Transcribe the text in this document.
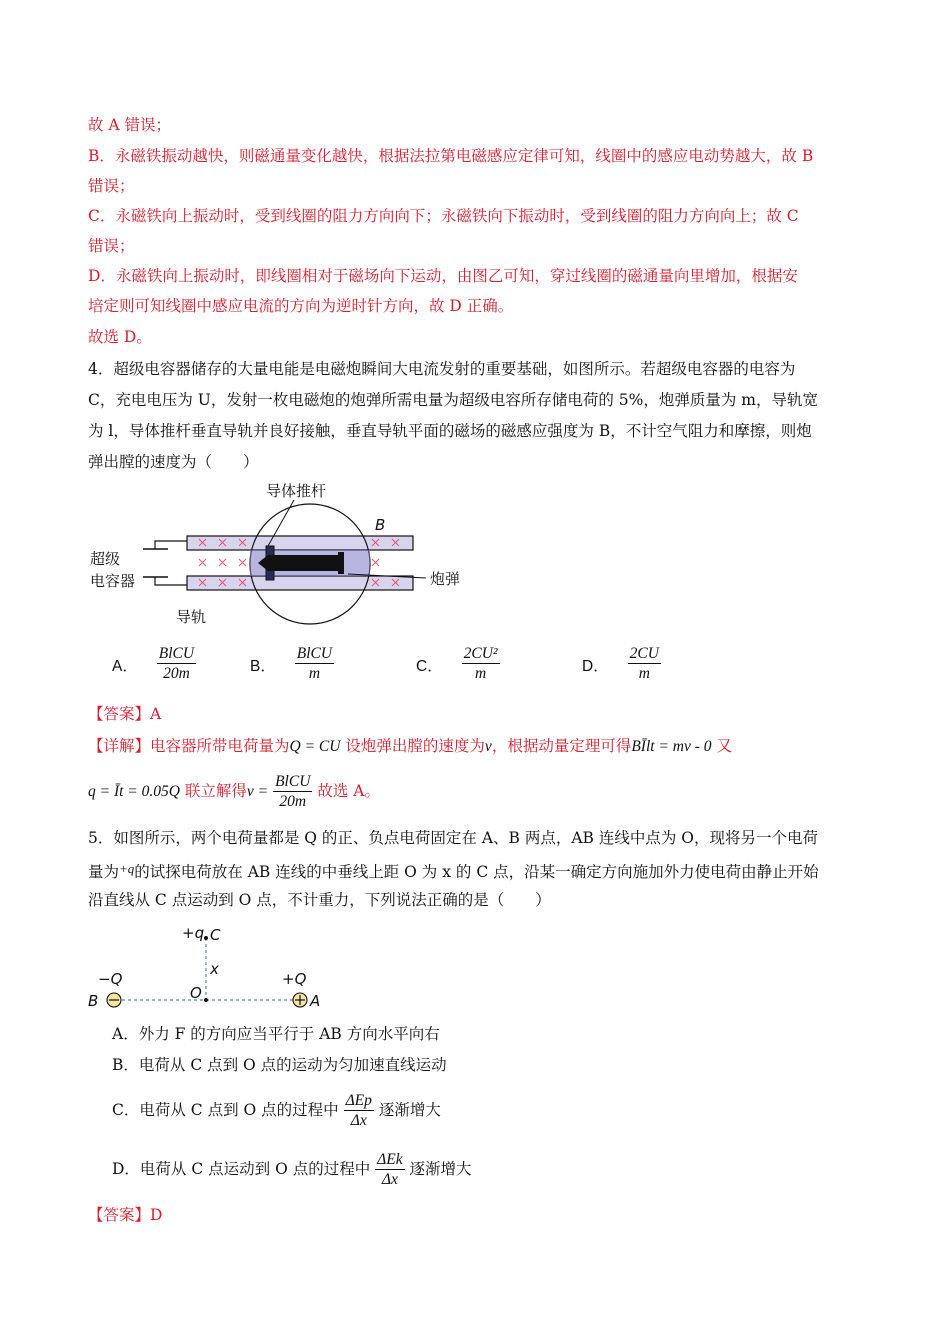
故 A 错误；
B．永磁铁振动越快，则磁通量变化越快，根据法拉第电磁感应定律可知，线圈中的感应电动势越大，故 B
错误；
C．永磁铁向上振动时，受到线圈的阻力方向向下；永磁铁向下振动时，受到线圈的阻力方向向上；故 C
错误；
D．永磁铁向上振动时，即线圈相对于磁场向下运动，由图乙可知，穿过线圈的磁通量向里增加，根据安
培定则可知线圈中感应电流的方向为逆时针方向，故 D 正确。
故选 D。
4．超级电容器储存的大量电能是电磁炮瞬间大电流发射的重要基础，如图所示。若超级电容器的电容为
C，充电电压为 U，发射一枚电磁炮的炮弹所需电量为超级电容所存储电荷的 5%，炮弹质量为 m，导轨宽
为 l，导体推杆垂直导轨并良好接触，垂直导轨平面的磁场的磁感应强度为 B，不计空气阻力和摩擦，则炮
弹出膛的速度为（　　）
导体推杆
B
超级
电容器	炮弹
导轨
A． $\frac{\text{BlCU}}{20m}$	B． $\frac{\text{BlCU}}{m}$	C． $\frac{\text{2CU²}}{m}$	D． $\frac{2CU}{m}$
【答案】A
【详解】电容器所带电荷量为Q = CU 设炮弹出膛的速度为v，根据动量定理可得BĪlt = mv - 0 又
q = Īt = 0.05Q 联立解得$v = \frac{\text{BlCU}}{20m}$ 故选 A。
5．如图所示，两个电荷量都是 Q 的正、负点电荷固定在 A、B 两点，AB 连线中点为 O，现将另一个电荷
量为$^{+q}$的试探电荷放在 AB 连线的中垂线上距 O 为 x 的 C 点，沿某一确定方向施加外力使电荷由静止开始
沿直线从 C 点运动到 O 点，不计重力，下列说法正确的是（　　）
+q C
x
−Q	+Q
B	O	A
A．外力 F 的方向应当平行于 AB 方向水平向右
B．电荷从 C 点到 O 点的运动为匀加速直线运动
C．电荷从 C 点到 O 点的过程中 $\frac{\text{ΔEp}}{\Delta x}$ 逐渐增大
D．电荷从 C 点运动到 O 点的过程中 $\frac{\text{ΔEk}}{\Delta x}$ 逐渐增大
【答案】D
